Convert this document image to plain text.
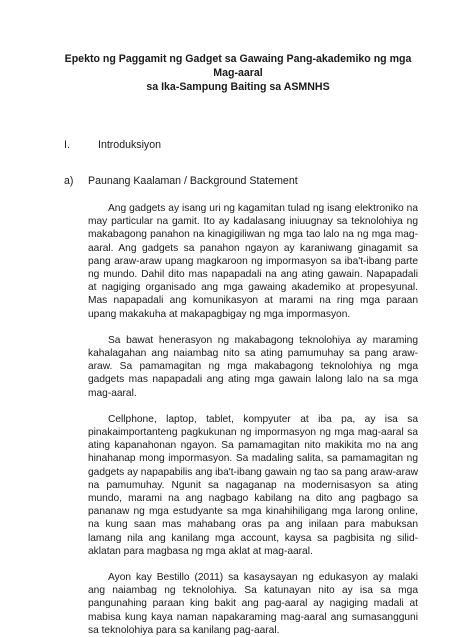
Epekto ng Paggamit ng Gadget sa Gawaing Pang-akademiko ng mga Mag-aaral
sa Ika-Sampung Baiting sa ASMNHS
I.	Introduksiyon
a)	Paunang Kaalaman / Background Statement

Ang gadgets ay isang uri ng kagamitan tulad ng isang elektroniko na may particular na gamit. Ito ay kadalasang iniuugnay sa teknolohiya ng makabagong panahon na kinagigiliwan ng mga tao lalo na ng mga mag-aaral. Ang gadgets sa panahon ngayon ay karaniwang ginagamit sa pang araw-araw upang magkaroon ng impormasyon sa iba't-ibang parte ng mundo. Dahil dito mas napapadali na ang ating gawain. Napapadali at nagiging organisado ang mga gawaing akademiko at propesyunal. Mas napapadali ang komunikasyon at marami na ring mga paraan upang makakuha at makapagbigay ng mga impormasyon.

Sa bawat henerasyon ng makabagong teknolohiya ay maraming kahalagahan ang naiambag nito sa ating pamumuhay sa pang araw-araw. Sa pamamagitan ng mga makabagong teknolohiya ng mga gadgets mas napapadali ang ating mga gawain lalong lalo na sa mga mag-aaral.

Cellphone, laptop, tablet, kompyuter at iba pa, ay isa sa pinakaimportanteng pagkukunan ng impormasyon ng mga mag-aaral sa ating kapanahonan ngayon. Sa pamamagitan nito makikita mo na ang hinahanap mong impormasyon. Sa madaling salita, sa pamamagitan ng gadgets ay napapabilis ang iba't-ibang gawain ng tao sa pang araw-araw na pamumuhay. Ngunit sa nagaganap na modernisasyon sa ating mundo, marami na ang nagbago kabilang na dito ang pagbago sa pananaw ng mga estudyante sa mga kinahihiligang mga larong online, na kung saan mas mahabang oras pa ang inilaan para mabuksan lamang nila ang kanilang mga account, kaysa sa pagbisita ng silid-aklatan para magbasa ng mga aklat at mag-aaral.

Ayon kay Bestillo (2011) sa kasaysayan ng edukasyon ay malaki ang naiambag ng teknolohiya. Sa katunayan nito ay isa sa mga pangunahing paraan king bakit ang pag-aaral ay nagiging madali at mabisa kung kaya naman napakaraming mag-aaral ang sumasangguni sa teknolohiya para sa kanilang pag-aaral.
